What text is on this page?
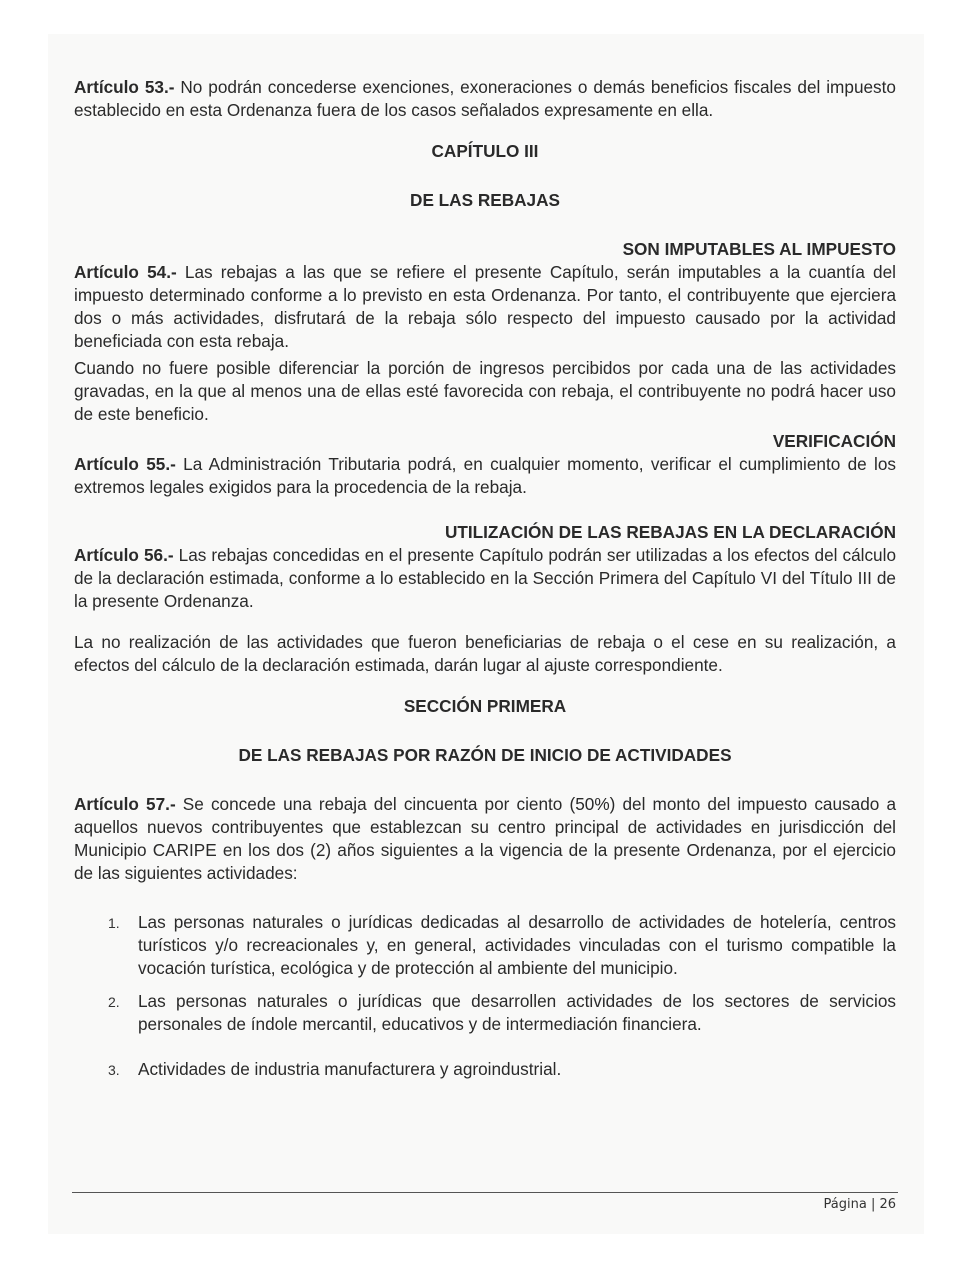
Artículo 53.- No podrán concederse exenciones, exoneraciones o demás beneficios fiscales del impuesto establecido en esta Ordenanza fuera de los casos señalados expresamente en ella.

CAPÍTULO III
DE LAS REBAJAS
SON IMPUTABLES AL IMPUESTO

Artículo 54.- Las rebajas a las que se refiere el presente Capítulo, serán imputables a la cuantía del impuesto determinado conforme a lo previsto en esta Ordenanza. Por tanto, el contribuyente que ejerciera dos o más actividades, disfrutará de la rebaja sólo respecto del impuesto causado por la actividad beneficiada con esta rebaja.

Cuando no fuere posible diferenciar la porción de ingresos percibidos por cada una de las actividades gravadas, en la que al menos una de ellas esté favorecida con rebaja, el contribuyente no podrá hacer uso de este beneficio.

VERIFICACIÓN

Artículo 55.- La Administración Tributaria podrá, en cualquier momento, verificar el cumplimiento de los extremos legales exigidos para la procedencia de la rebaja.

UTILIZACIÓN DE LAS REBAJAS EN LA DECLARACIÓN

Artículo 56.- Las rebajas concedidas en el presente Capítulo podrán ser utilizadas a los efectos del cálculo de la declaración estimada, conforme a lo establecido en la Sección Primera del Capítulo VI del Título III de la presente Ordenanza.

La no realización de las actividades que fueron beneficiarias de rebaja o el cese en su realización, a efectos del cálculo de la declaración estimada, darán lugar al ajuste correspondiente.

SECCIÓN PRIMERA
DE LAS REBAJAS POR RAZÓN DE INICIO DE ACTIVIDADES

Artículo 57.- Se concede una rebaja del cincuenta por ciento (50%) del monto del impuesto causado a aquellos nuevos contribuyentes que establezcan su centro principal de actividades en jurisdicción del Municipio CARIPE en los dos (2) años siguientes a la vigencia de la presente Ordenanza, por el ejercicio de las siguientes actividades:

1. Las personas naturales o jurídicas dedicadas al desarrollo de actividades de hotelería, centros turísticos y/o recreacionales y, en general, actividades vinculadas con el turismo compatible la vocación turística, ecológica y de protección al ambiente del municipio.
2. Las personas naturales o jurídicas que desarrollen actividades de los sectores de servicios personales de índole mercantil, educativos y de intermediación financiera.
3. Actividades de industria manufacturera y agroindustrial.
Página | 26
